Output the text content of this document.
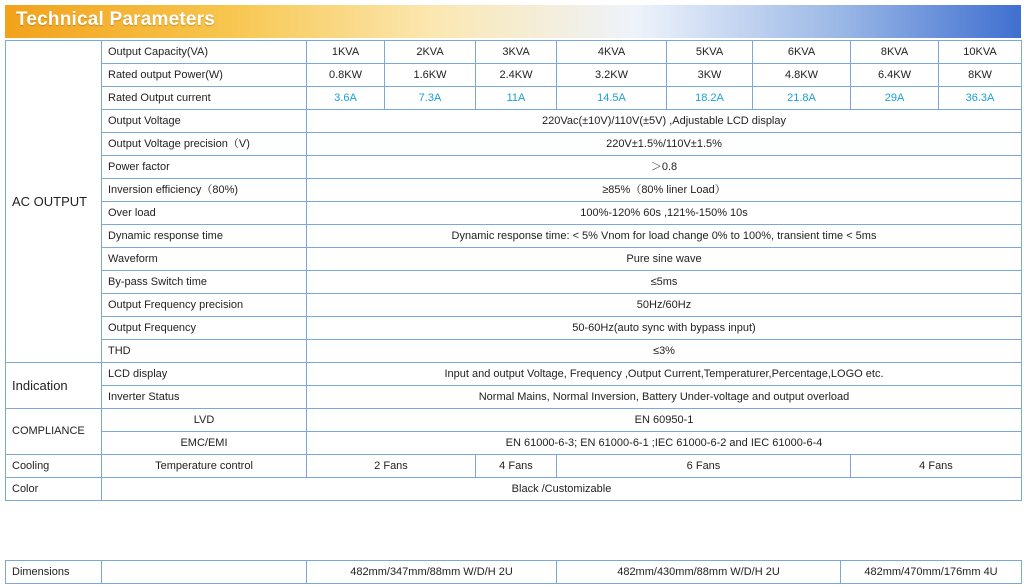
Technical Parameters
AC OUTPUT	Output Capacity(VA)	1KVA	2KVA	3KVA	4KVA	5KVA	6KVA	8KVA	10KVA
	Rated output Power(W)	0.8KW	1.6KW	2.4KW	3.2KW	3KW	4.8KW	6.4KW	8KW
	Rated Output current	3.6A	7.3A	11A	14.5A	18.2A	21.8A	29A	36.3A
	Output Voltage	220Vac(±10V)/110V(±5V) ,Adjustable LCD display							
	Output Voltage precision（V)	220V±1.5%/110V±1.5%							
	Power factor	＞0.8							
	Inversion efficiency（80%)	≥85%（80% liner Load）							
	Over load	100%-120% 60s ,121%-150% 10s							
	Dynamic response time	Dynamic response time: < 5% Vnom for load change 0% to 100%, transient time < 5ms							
	Waveform	Pure sine wave							
	By-pass Switch time	≤5ms							
	Output Frequency precision	50Hz/60Hz							
	Output Frequency	50-60Hz(auto sync with bypass input)							
	THD	≤3%							
Indication	LCD display	Input and output Voltage, Frequency ,Output Current,Temperaturer,Percentage,LOGO etc.							
	Inverter Status	Normal Mains, Normal Inversion, Battery Under-voltage and output overload							
COMPLIANCE	LVD	EN 60950-1							
	EMC/EMI	EN 61000-6-3; EN 61000-6-1 ;IEC 61000-6-2 and IEC 61000-6-4							
Cooling	Temperature control	2 Fans		4 Fans	6 Fans			4 Fans	
Color	Black /Customizable								
Dimensions		482mm/347mm/88mm W/D/H 2U	482mm/430mm/88mm W/D/H 2U	482mm/470mm/176mm 4U
